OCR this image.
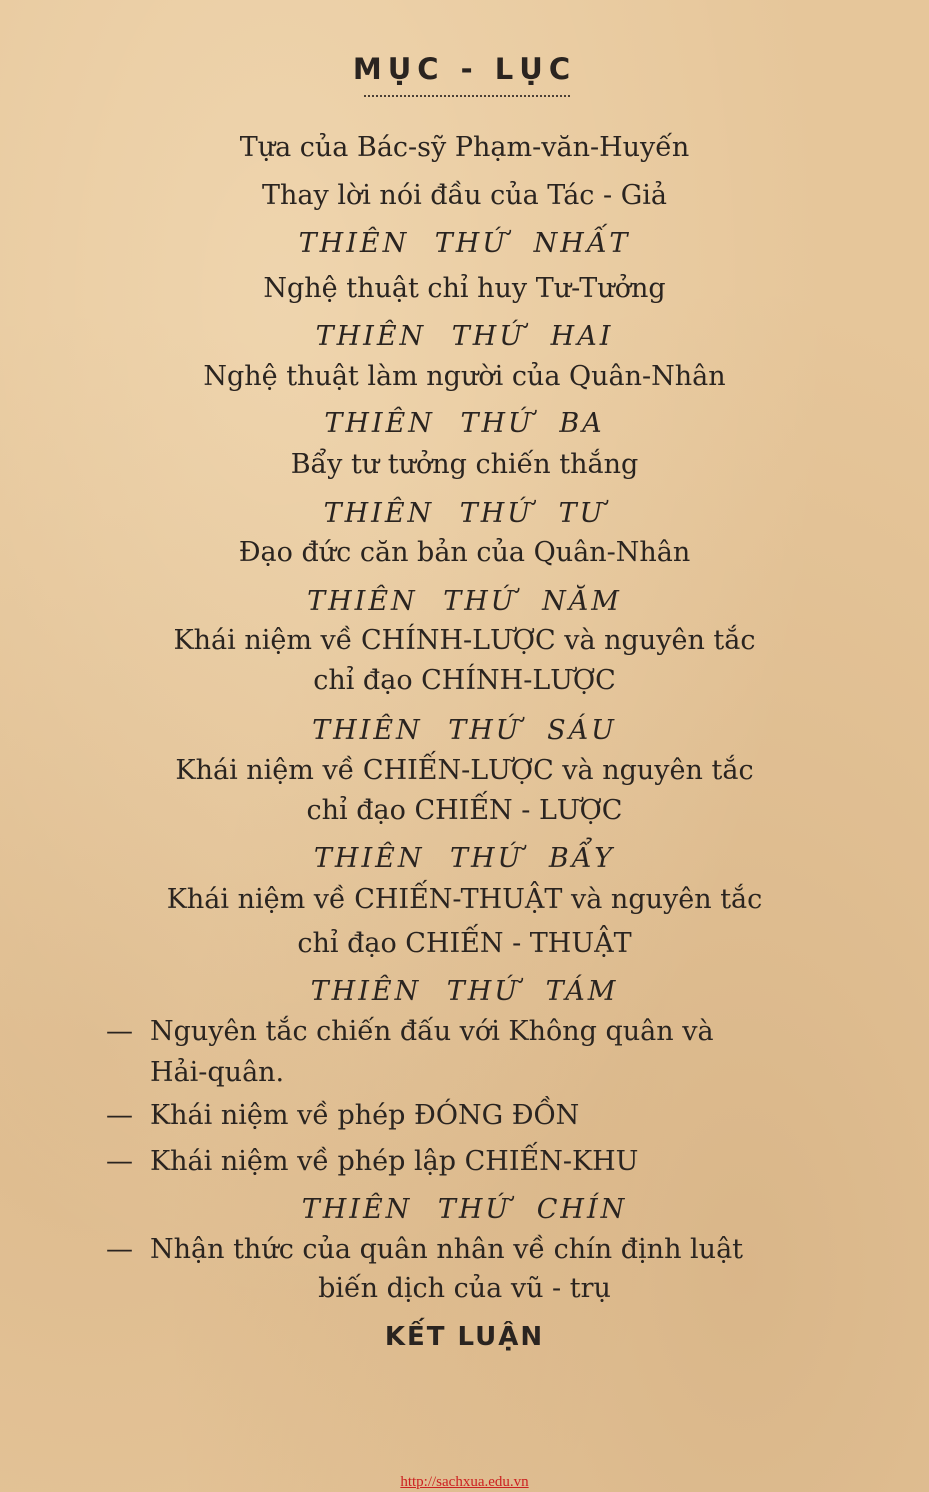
MỤC - LỤC
Tựa của Bác-sỹ Phạm-văn-Huyến
Thay lời nói đầu của Tác - Giả
THIÊN THỨ NHẤT
Nghệ thuật chỉ huy Tư-Tưởng
THIÊN THỨ HAI
Nghệ thuật làm người của Quân-Nhân
THIÊN THỨ BA
Bẩy tư tưởng chiến thắng
THIÊN THỨ TƯ
Đạo đức căn bản của Quân-Nhân
THIÊN THỨ NĂM
Khái niệm về CHÍNH-LƯỢC và nguyên tắc
chỉ đạo CHÍNH-LƯỢC
THIÊN THỨ SÁU
Khái niệm về CHIẾN-LƯỢC và nguyên tắc
chỉ đạo CHIẾN - LƯỢC
THIÊN THỨ BẨY
Khái niệm về CHIẾN-THUẬT và nguyên tắc
chỉ đạo CHIẾN - THUẬT
THIÊN THỨ TÁM
— Nguyên tắc chiến đấu với Không quân và
Hải-quân.
— Khái niệm về phép ĐÓNG ĐỒN
— Khái niệm về phép lập CHIẾN-KHU
THIÊN THỨ CHÍN
— Nhận thức của quân nhân về chín định luật
biến dịch của vũ - trụ
KẾT LUẬN
http://sachxua.edu.vn
